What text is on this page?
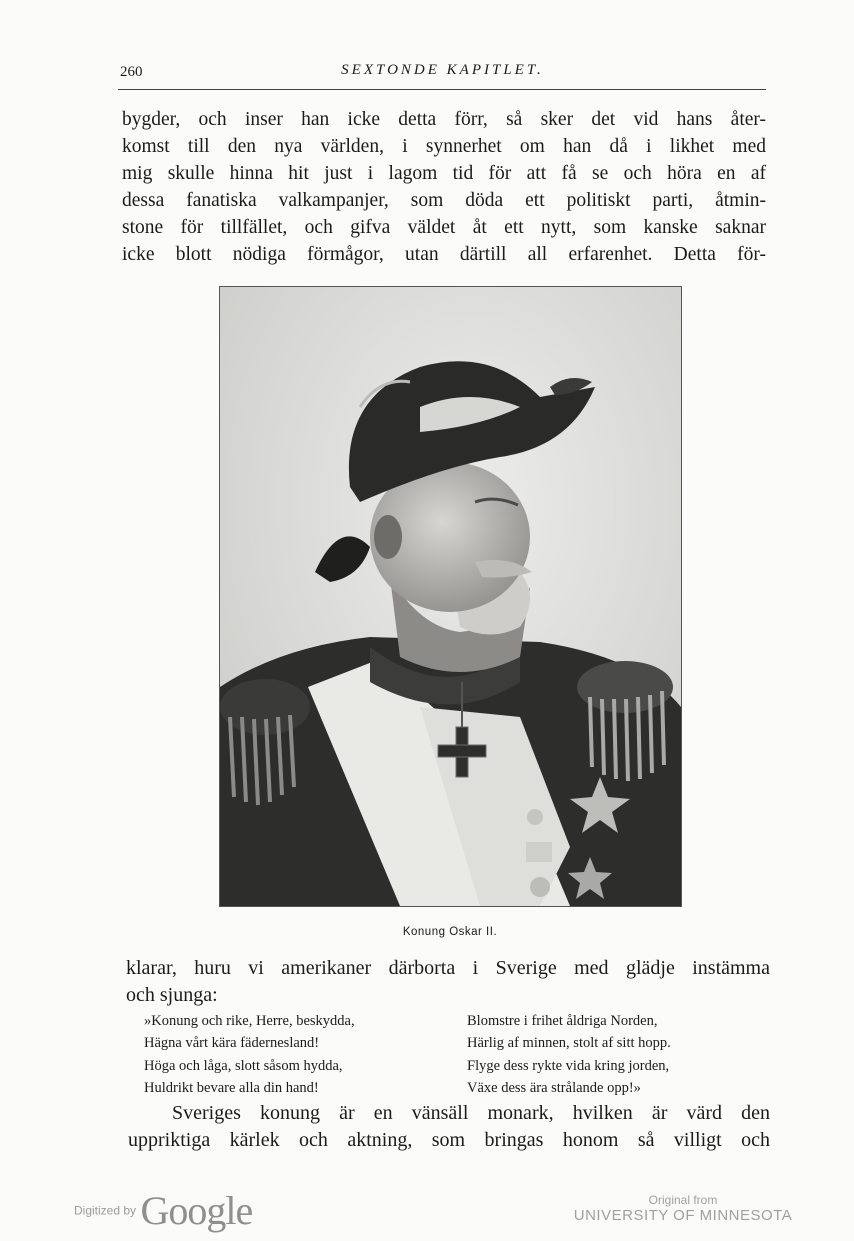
260	SEXTONDE KAPITLET.

bygder, och inser han icke detta förr, så sker det vid hans åter-
komst till den nya världen, i synnerhet om han då i likhet med
mig skulle hinna hit just i lagom tid för att få se och höra en af
dessa fanatiska valkampanjer, som döda ett politiskt parti, åtmin-
stone för tillfället, och gifva väldet åt ett nytt, som kanske saknar
icke blott nödiga förmågor, utan därtill all erfarenhet. Detta för-

Konung Oskar II.

klarar, huru vi amerikaner därborta i Sverige med glädje instämma
och sjunga:

»Konung och rike, Herre, beskydda,
Hägna vårt kära fädernesland!
Höga och låga, slott såsom hydda,
Huldrikt bevare alla din hand!
Blomstre i frihet åldriga Norden,
Härlig af minnen, stolt af sitt hopp.
Flyge dess rykte vida kring jorden,
Växe dess ära strålande opp!»

Sveriges konung är en vänsäll monark, hvilken är värd den
uppriktiga kärlek och aktning, som bringas honom så villigt och

Digitized by Google	Original from
UNIVERSITY OF MINNESOTA
